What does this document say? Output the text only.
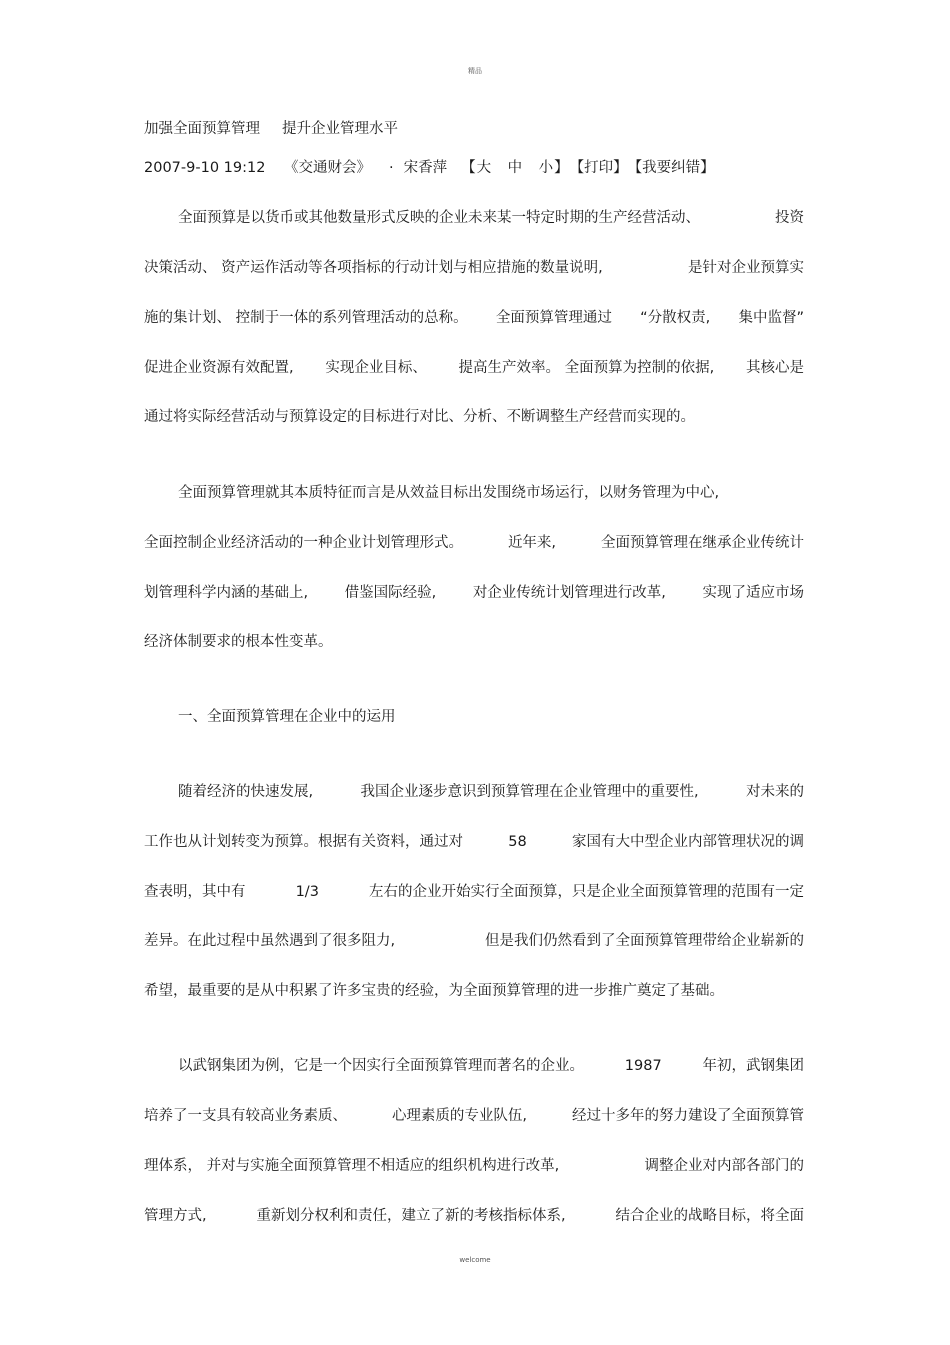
精品
加强全面预算管理 提升企业管理水平
2007-9-10 19:12	《交通财会》 · 宋香萍 【大　中　小】 【打印】 【我要纠错】
全面预算是以货币或其他数量形式反映的企业未来某一特定时期的生产经营活动、	投资
决策活动、 资产运作活动等各项指标的行动计划与相应措施的数量说明,	是针对企业预算实
施的集计划、 控制于一体的系列管理活动的总称。 全面预算管理通过 “分散权责, 集中监督”
促进企业资源有效配置, 实现企业目标、 提高生产效率。 全面预算为控制的依据, 其核心是
通过将实际经营活动与预算设定的目标进行对比、分析、不断调整生产经营而实现的。
全面预算管理就其本质特征而言是从效益目标出发围绕市场运行，以财务管理为中心,
全面控制企业经济活动的一种企业计划管理形式。	近年来,	全面预算管理在继承企业传统计
划管理科学内涵的基础上,	借鉴国际经验,	对企业传统计划管理进行改革,	实现了适应市场
经济体制要求的根本性变革。
一、全面预算管理在企业中的运用
随着经济的快速发展,	我国企业逐步意识到预算管理在企业管理中的重要性,	对未来的
工作也从计划转变为预算。根据有关资料，通过对	58	家国有大中型企业内部管理状况的调
查表明，其中有	1/3	左右的企业开始实行全面预算，只是企业全面预算管理的范围有一定
差异。在此过程中虽然遇到了很多阻力,	但是我们仍然看到了全面预算管理带给企业崭新的
希望，最重要的是从中积累了许多宝贵的经验，为全面预算管理的进一步推广奠定了基础。
以武钢集团为例，它是一个因实行全面预算管理而著名的企业。	1987	年初，武钢集团
培养了一支具有较高业务素质、	心理素质的专业队伍,	经过十多年的努力建设了全面预算管
理体系， 并对与实施全面预算管理不相适应的组织机构进行改革,	调整企业对内部各部门的
管理方式,	重新划分权利和责任，建立了新的考核指标体系,	结合企业的战略目标，将全面
welcome
